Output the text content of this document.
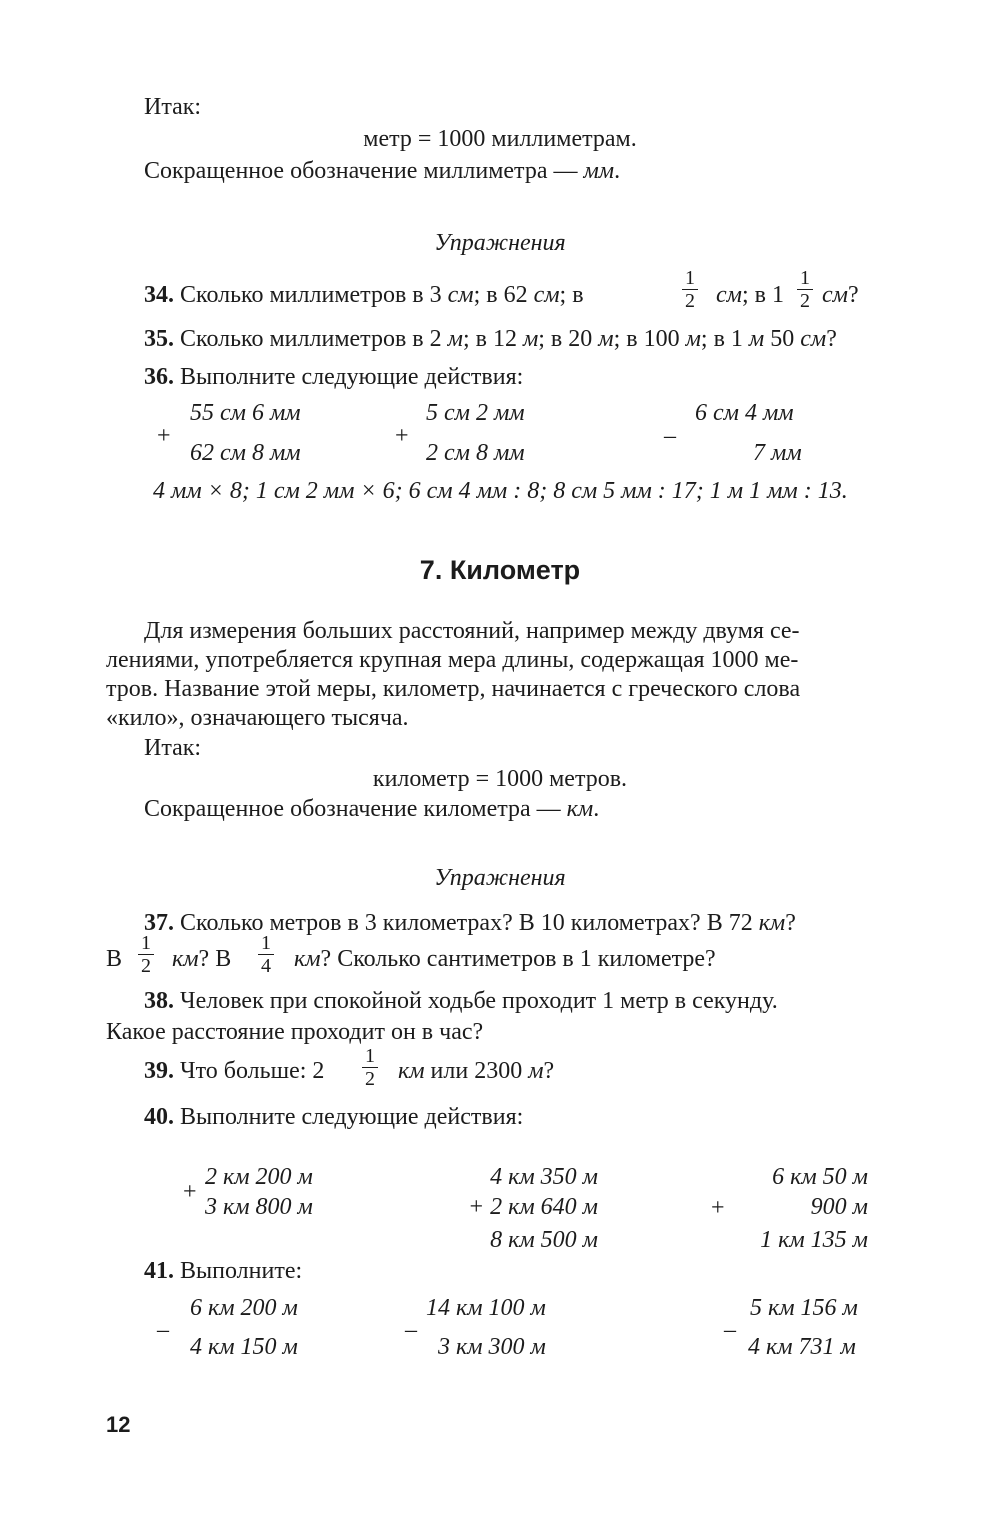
Итак:
метр = 1000 миллиметрам.
Сокращенное обозначение миллиметра — мм.
Упражнения
34. Сколько миллиметров в 3 см; в 62 см; в
1
2 см; в 1
1
2 см?
35. Сколько миллиметров в 2 м; в 12 м; в 20 м; в 100 м; в 1 м 50 см?
36. Выполните следующие действия:
55 см 6 мм
+
62 см 8 мм
5 см 2 мм
+
2 см 8 мм
6 см 4 мм
–
7 мм
4 мм × 8; 1 см 2 мм × 6; 6 см 4 мм : 8; 8 см 5 мм : 17; 1 м 1 мм : 13.
7. Километр
Для измерения больших расстояний, например между двумя се-
лениями, употребляется крупная мера длины, содержащая 1000 ме-
тров. Название этой меры, километр, начинается с греческого слова
«кило», означающего тысяча.
Итак:
километр = 1000 метров.
Сокращенное обозначение километра — км.
Упражнения
37. Сколько метров в 3 километрах? В 10 километрах? В 72 км?
В
1
2 км? В
1
4 км? Сколько сантиметров в 1 километре?
38. Человек при спокойной ходьбе проходит 1 метр в секунду.
Какое расстояние проходит он в час?
39. Что больше: 2
1
2 км или 2300 м?
40. Выполните следующие действия:
+
2 км 200 м
3 км 800 м
4 км 350 м
+ 2 км 640 м
8 км 500 м
+
6 км 50 м
900 м
1 км 135 м
41. Выполните:
6 км 200 м
–
4 км 150 м
14 км 100 м
–
3 км 300 м
5 км 156 м
–
4 км 731 м
12
